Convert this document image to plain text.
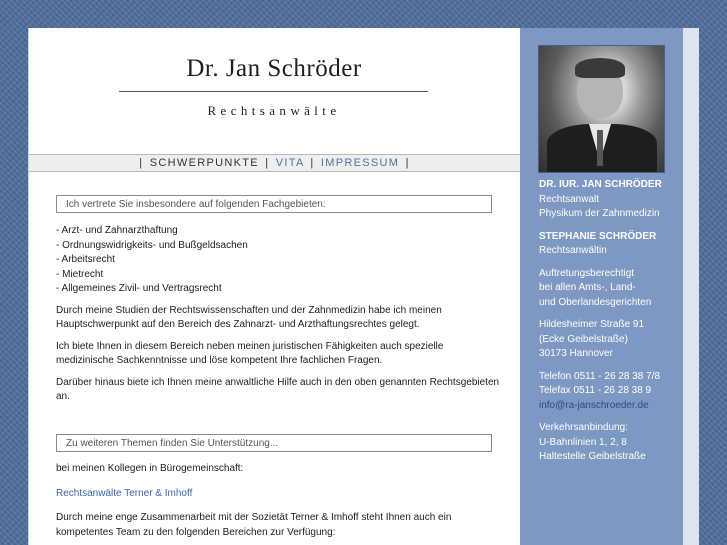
Dr. Jan Schröder
Rechtsanwälte
| SCHWERPUNKTE | VITA | IMPRESSUM |
Ich vertrete Sie insbesondere auf folgenden Fachgebieten:
- Arzt- und Zahnarzthaftung
- Ordnungswidrigkeits- und Bußgeldsachen
- Arbeitsrecht
- Mietrecht
- Allgemeines Zivil- und Vertragsrecht

Durch meine Studien der Rechtswissenschaften und der Zahnmedizin habe ich meinen Hauptschwerpunkt auf den Bereich des Zahnarzt- und Arzthaftungsrechtes gelegt.

Ich biete Ihnen in diesem Bereich neben meinen juristischen Fähigkeiten auch spezielle medizinische Sachkenntnisse und löse kompetent Ihre fachlichen Fragen.

Darüber hinaus biete ich Ihnen meine anwaltliche Hilfe auch in den oben genannten Rechtsgebieten an.

Zu weiteren Themen finden Sie Unterstützung...

bei meinen Kollegen in Bürogemeinschaft:

Rechtsanwälte Terner & Imhoff

Durch meine enge Zusammenarbeit mit der Sozietät Terner & Imhoff steht Ihnen auch ein kompetentes Team zu den folgenden Bereichen zur Verfügung:

DR. IUR. JAN SCHRÖDER
Rechtsanwalt
Physikum der Zahnmedizin
STEPHANIE SCHRÖDER
Rechtsanwältin
Auftretungsberechtigt
bei allen Amts-, Land-
und Oberlandesgerichten
Hildesheimer Straße 91
(Ecke Geibelstraße)
30173 Hannover
Telefon 0511 - 26 28 38 7/8
Telefax 0511 - 26 28 38 9
info@ra-janschroeder.de
Verkehrsanbindung:
U-Bahnlinien 1, 2, 8
Haltestelle Geibelstraße
